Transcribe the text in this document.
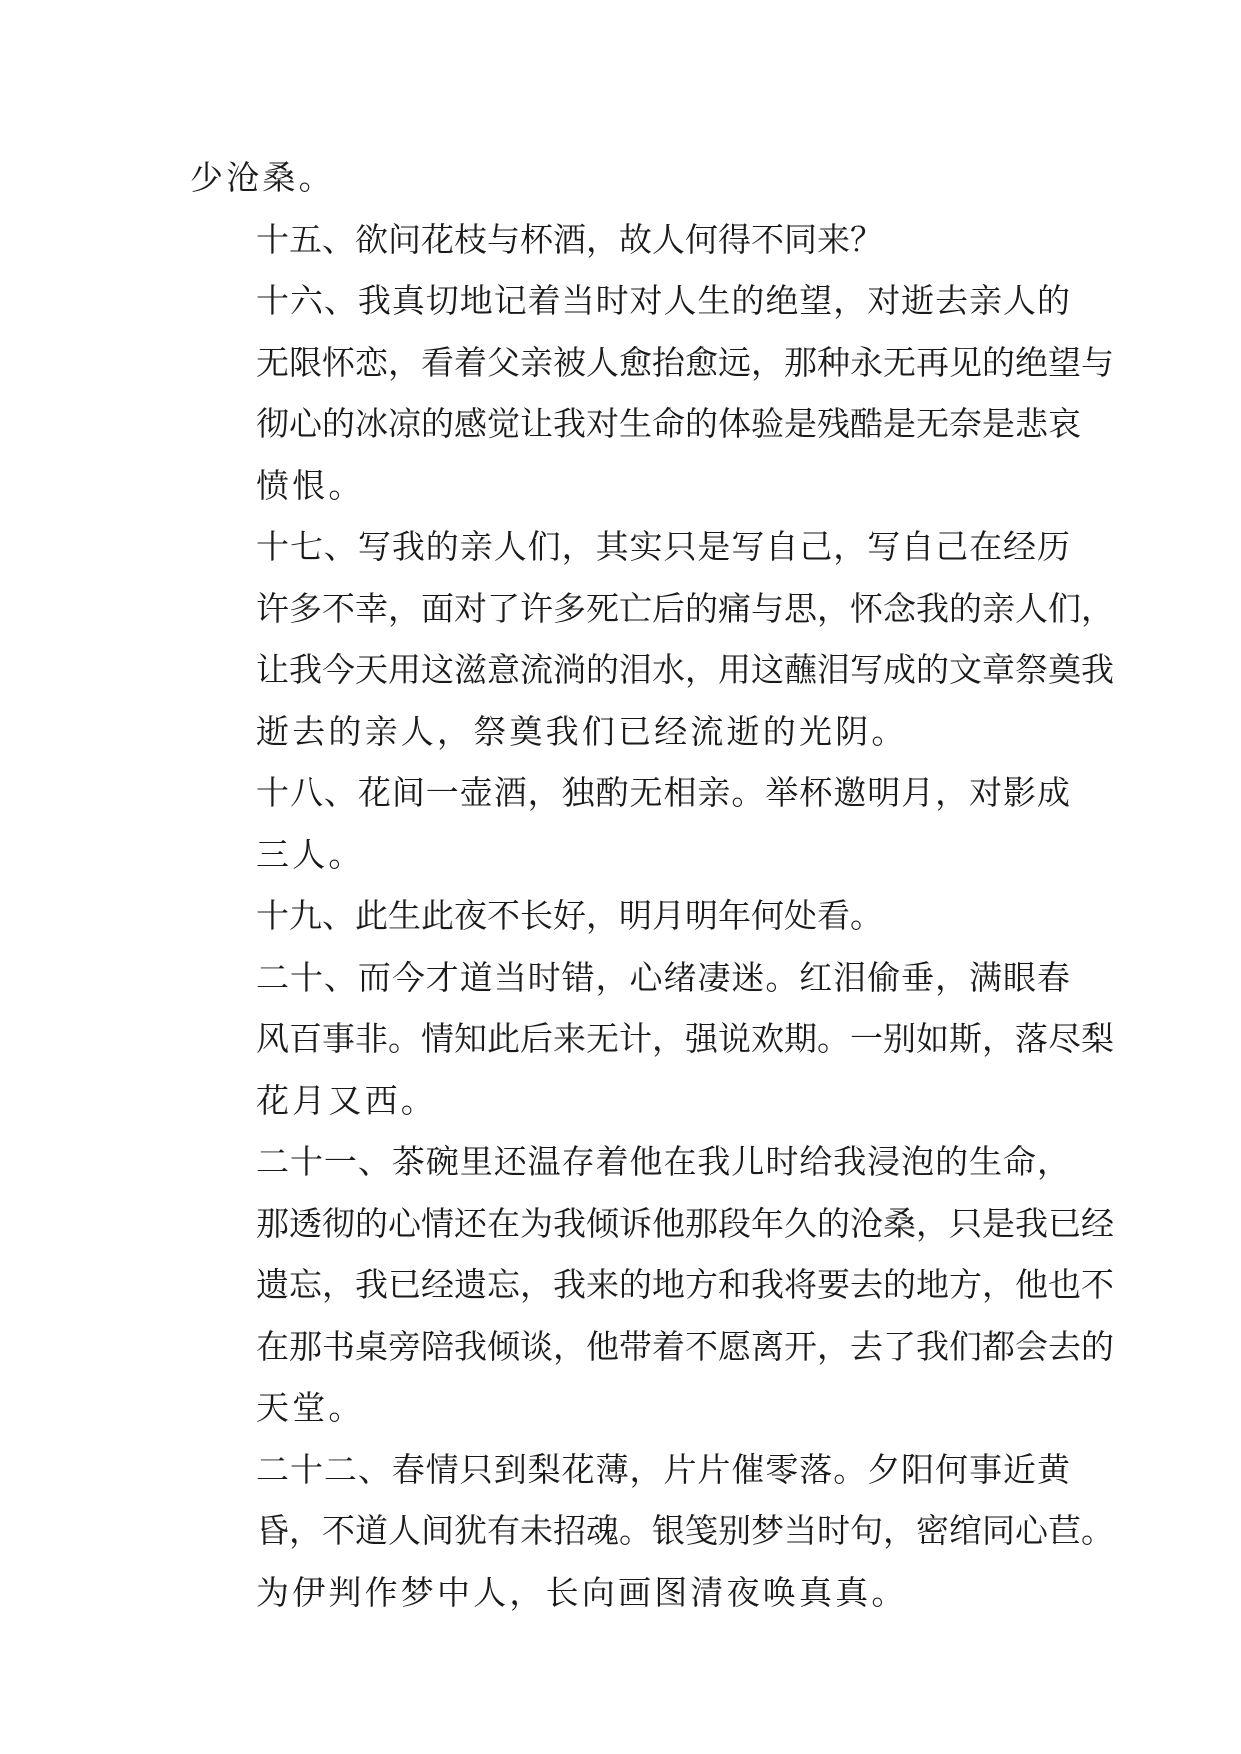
少沧桑。

十五、欲问花枝与杯酒，故人何得不同来？

十六、我真切地记着当时对人生的绝望，对逝去亲人的
无限怀恋，看着父亲被人愈抬愈远，那种永无再见的绝望与
彻心的冰凉的感觉让我对生命的体验是残酷是无奈是悲哀
愤恨。

十七、写我的亲人们，其实只是写自己，写自己在经历
许多不幸，面对了许多死亡后的痛与思，怀念我的亲人们，
让我今天用这滋意流淌的泪水，用这蘸泪写成的文章祭奠我
逝去的亲人，祭奠我们已经流逝的光阴。

十八、花间一壶酒，独酌无相亲。举杯邀明月，对影成
三人。

十九、此生此夜不长好，明月明年何处看。

二十、而今才道当时错，心绪凄迷。红泪偷垂，满眼春
风百事非。情知此后来无计，强说欢期。一别如斯，落尽梨
花月又西。

二十一、茶碗里还温存着他在我儿时给我浸泡的生命，
那透彻的心情还在为我倾诉他那段年久的沧桑，只是我已经
遗忘，我已经遗忘，我来的地方和我将要去的地方，他也不
在那书桌旁陪我倾谈，他带着不愿离开，去了我们都会去的
天堂。

二十二、春情只到梨花薄，片片催零落。夕阳何事近黄
昏，不道人间犹有未招魂。银笺别梦当时句，密绾同心苣。
为伊判作梦中人，长向画图清夜唤真真。
